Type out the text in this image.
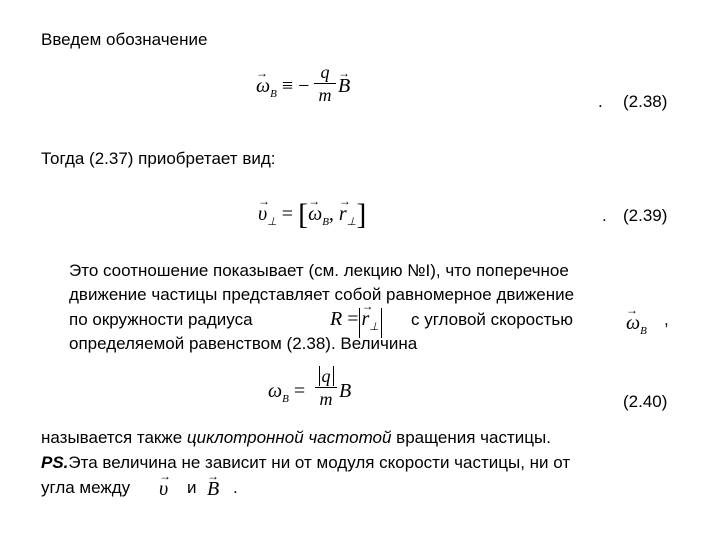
Введем обозначение
→ $\omega_B$ ≡ −
q
m
→ B
. (2.38)
Тогда (2.37) приобретает вид:
→ $\upsilon_\perp$ = [→ $\omega_B$, → $r_\perp$]	. (2.39)
Это соотношение показывает (см. лекцию №I), что поперечное
движение частицы представляет собой равномерное движение
по окружности радиуса	$R =\to r_\perp$ с угловой скоростью
→	$\omega_B$
,
определяемой равенством (2.38). Величина
$\omega_B$ =
q
m B	(2.40)
называется также циклотронной частотой вращения частицы.
PS.Эта величина не зависит ни от модуля скорости частицы, ни от
угла между
→ υ и
→ B .
